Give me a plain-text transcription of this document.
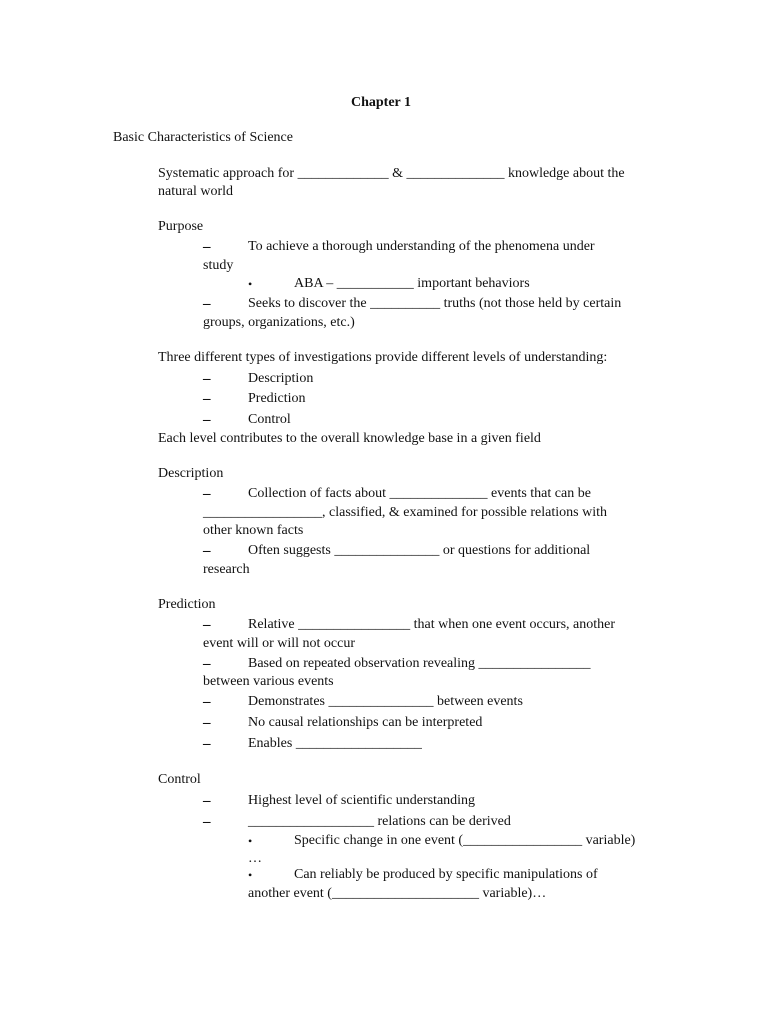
Chapter 1
Basic Characteristics of Science
Systematic approach for _____________ & ______________ knowledge about the
natural world
Purpose
–	To achieve a thorough understanding of the phenomena under
study
•	ABA – ___________ important behaviors
–	Seeks to discover the __________ truths (not those held by certain
groups, organizations, etc.)
Three different types of investigations provide different levels of understanding:
–	Description
–	Prediction
–	Control
Each level contributes to the overall knowledge base in a given field
Description
–	Collection of facts about ______________ events that can be
_________________, classified, & examined for possible relations with
other known facts
–	Often suggests _______________ or questions for additional
research
Prediction
–	Relative ________________ that when one event occurs, another
event will or will not occur
–	Based on repeated observation revealing ________________
between various events
–	Demonstrates _______________ between events
–	No causal relationships can be interpreted
–	Enables __________________
Control
–	Highest level of scientific understanding
–	__________________ relations can be derived
•	Specific change in one event (_________________ variable)
…
•	Can reliably be produced by specific manipulations of
another event (_____________________ variable)…
